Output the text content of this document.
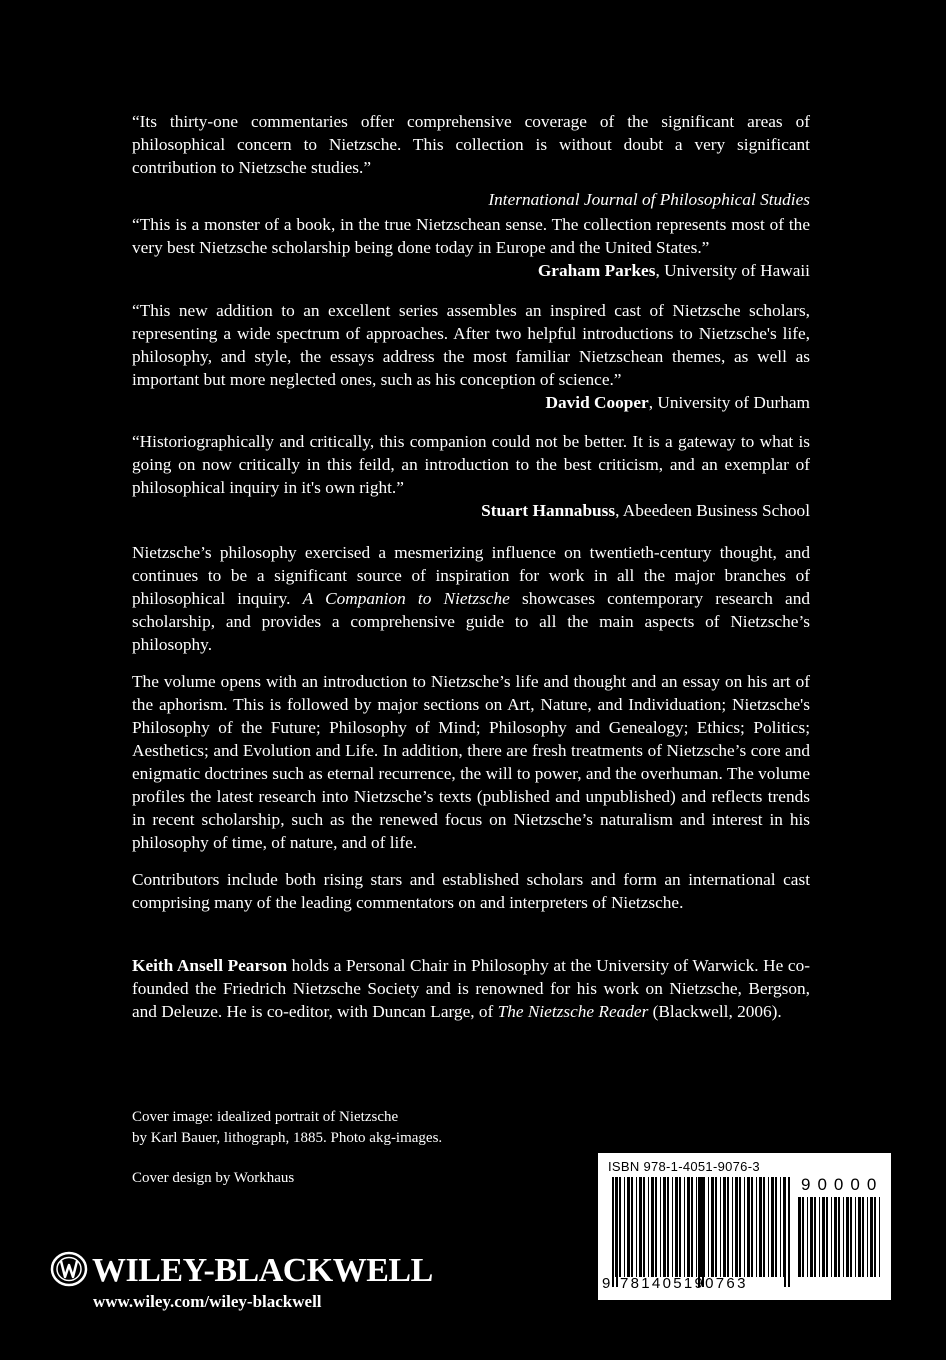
“Its thirty-one commentaries offer comprehensive coverage of the significant areas of philosophical concern to Nietzsche. This collection is without doubt a very significant contribution to Nietzsche studies.”

International Journal of Philosophical Studies

“This is a monster of a book, in the true Nietzschean sense. The collection represents most of the very best Nietzsche scholarship being done today in Europe and the United States.”

Graham Parkes, University of Hawaii

“This new addition to an excellent series assembles an inspired cast of Nietzsche scholars, representing a wide spectrum of approaches. After two helpful introductions to Nietzsche's life, philosophy, and style, the essays address the most familiar Nietzschean themes, as well as important but more neglected ones, such as his conception of science.”

David Cooper, University of Durham

“Historiographically and critically, this companion could not be better. It is a gateway to what is going on now critically in this feild, an introduction to the best criticism, and an exemplar of philosophical inquiry in it's own right.”

Stuart Hannabuss, Abeedeen Business School

Nietzsche’s philosophy exercised a mesmerizing influence on twentieth-century thought, and continues to be a significant source of inspiration for work in all the major branches of philosophical inquiry. A Companion to Nietzsche showcases contemporary research and scholarship, and provides a comprehensive guide to all the main aspects of Nietzsche’s philosophy.

The volume opens with an introduction to Nietzsche’s life and thought and an essay on his art of the aphorism. This is followed by major sections on Art, Nature, and Individuation; Nietzsche's Philosophy of the Future; Philosophy of Mind; Philosophy and Genealogy; Ethics; Politics; Aesthetics; and Evolution and Life. In addition, there are fresh treatments of Nietzsche’s core and enigmatic doctrines such as eternal recurrence, the will to power, and the overhuman. The volume profiles the latest research into Nietzsche’s texts (published and unpublished) and reflects trends in recent scholarship, such as the renewed focus on Nietzsche’s naturalism and interest in his philosophy of time, of nature, and of life.

Contributors include both rising stars and established scholars and form an international cast comprising many of the leading commentators on and interpreters of Nietzsche.

Keith Ansell Pearson holds a Personal Chair in Philosophy at the University of Warwick. He co-founded the Friedrich Nietzsche Society and is renowned for his work on Nietzsche, Bergson, and Deleuze. He is co-editor, with Duncan Large, of The Nietzsche Reader (Blackwell, 2006).

Cover image: idealized portrait of Nietzsche
by Karl Bauer, lithograph, 1885. Photo akg-images.
Cover design by Workhaus
ISBN 978-1-4051-9076-3
90000
9 781405190763
WILEY-BLACKWELL
www.wiley.com/wiley-blackwell
